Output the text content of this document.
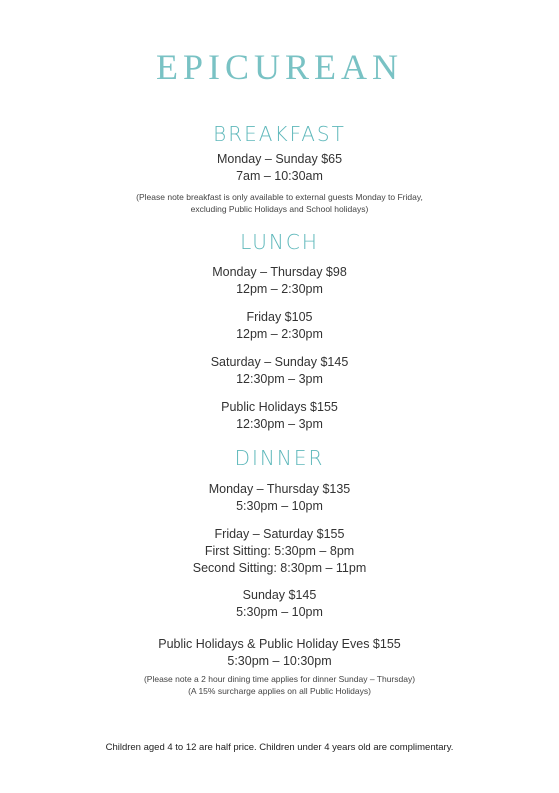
EPICUREAN
BREAKFAST
Monday – Sunday $65
7am – 10:30am
(Please note breakfast is only available to external guests Monday to Friday,
excluding Public Holidays and School holidays)
LUNCH
Monday – Thursday $98
12pm – 2:30pm
Friday $105
12pm – 2:30pm
Saturday – Sunday $145
12:30pm – 3pm
Public Holidays $155
12:30pm – 3pm
DINNER
Monday – Thursday $135
5:30pm – 10pm
Friday – Saturday $155
First Sitting: 5:30pm – 8pm
Second Sitting: 8:30pm – 11pm
Sunday $145
5:30pm – 10pm
Public Holidays & Public Holiday Eves $155
5:30pm – 10:30pm
(Please note a 2 hour dining time applies for dinner Sunday – Thursday)
(A 15% surcharge applies on all Public Holidays)
Children aged 4 to 12 are half price. Children under 4 years old are complimentary.
